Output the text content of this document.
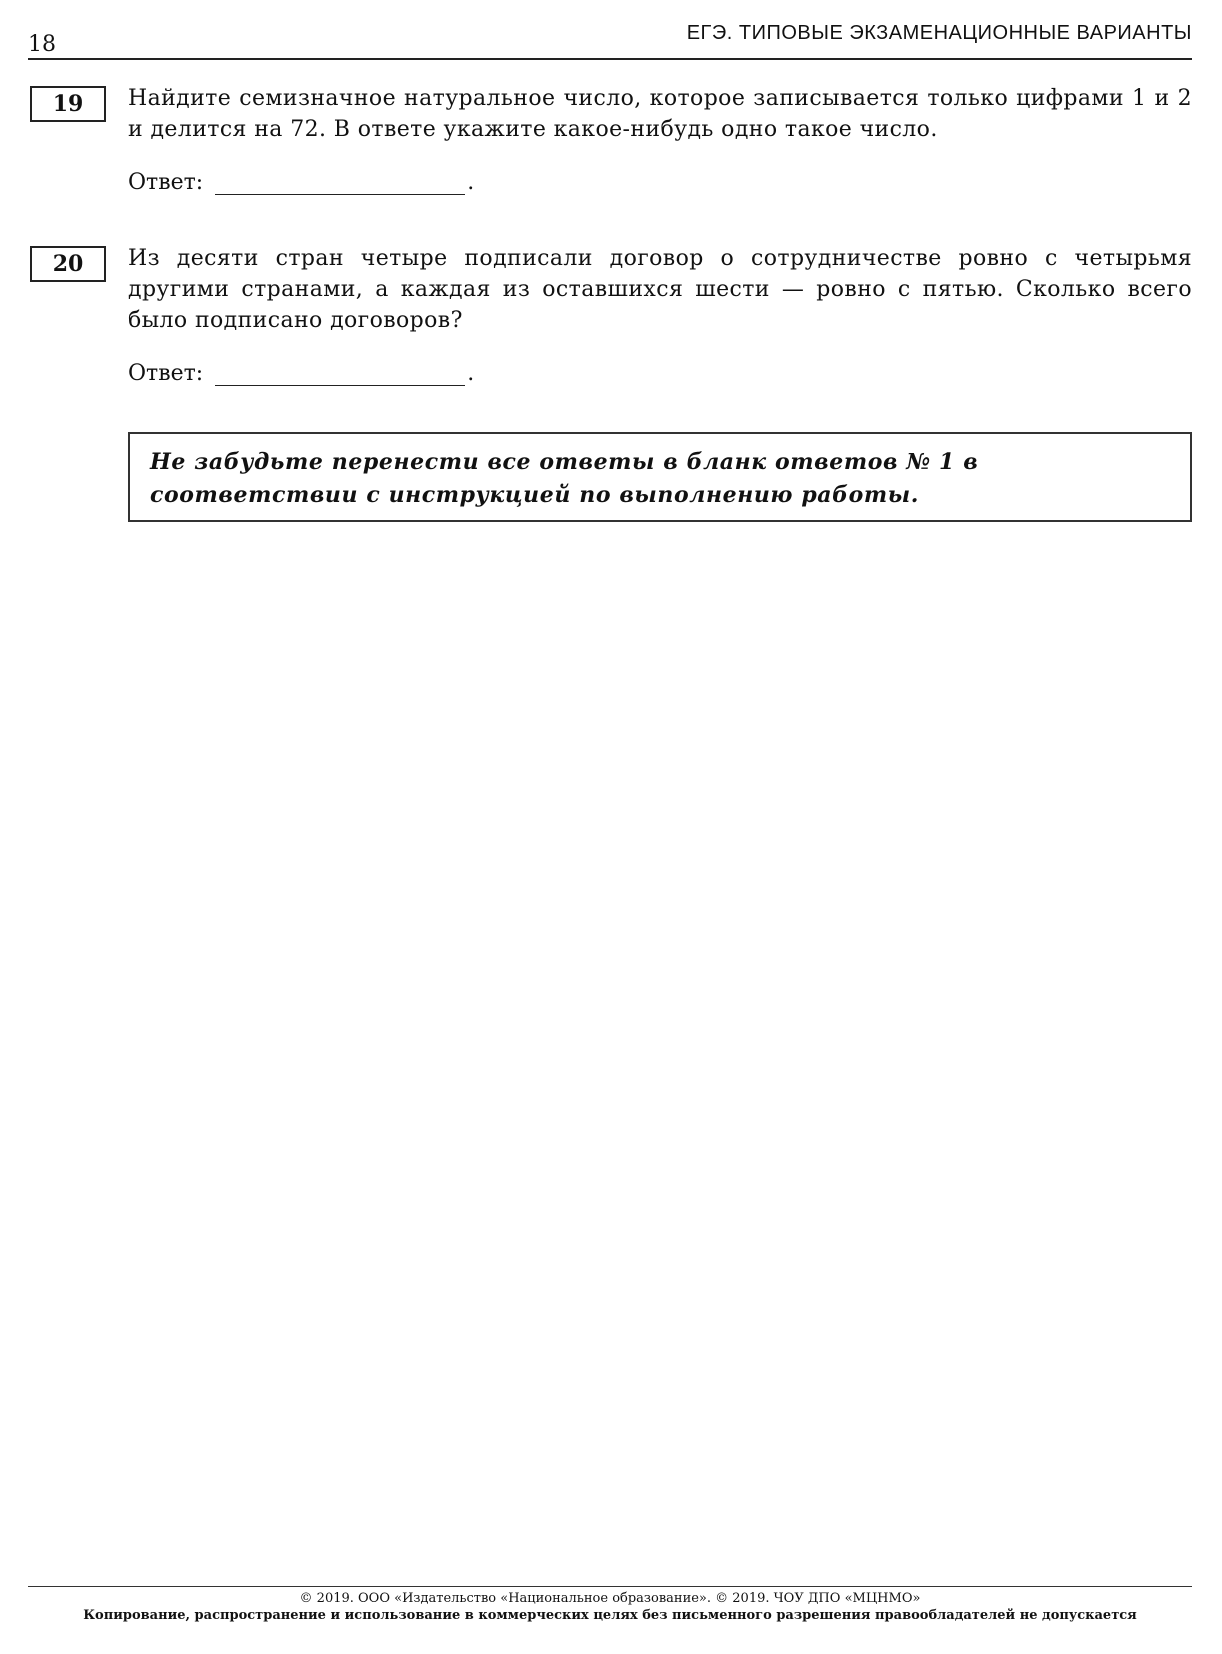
18	ЕГЭ. ТИПОВЫЕ ЭКЗАМЕНАЦИОННЫЕ ВАРИАНТЫ
19	Найдите семизначное натуральное число, которое записывается только цифрами 1 и 2 и делится на 72. В ответе укажите какое-нибудь одно такое число.

Ответ:	.
20	Из десяти стран четыре подписали договор о сотрудничестве ровно с четырьмя другими странами, а каждая из оставшихся шести — ровно с пятью. Сколько всего было подписано договоров?

Ответ:	.

Не забудьте перенести все ответы в бланк ответов № 1 в соответствии с инструкцией по выполнению работы.

© 2019. ООО «Издательство «Национальное образование». © 2019. ЧОУ ДПО «МЦНМО»

Копирование, распространение и использование в коммерческих целях без письменного разрешения правообладателей не допускается
